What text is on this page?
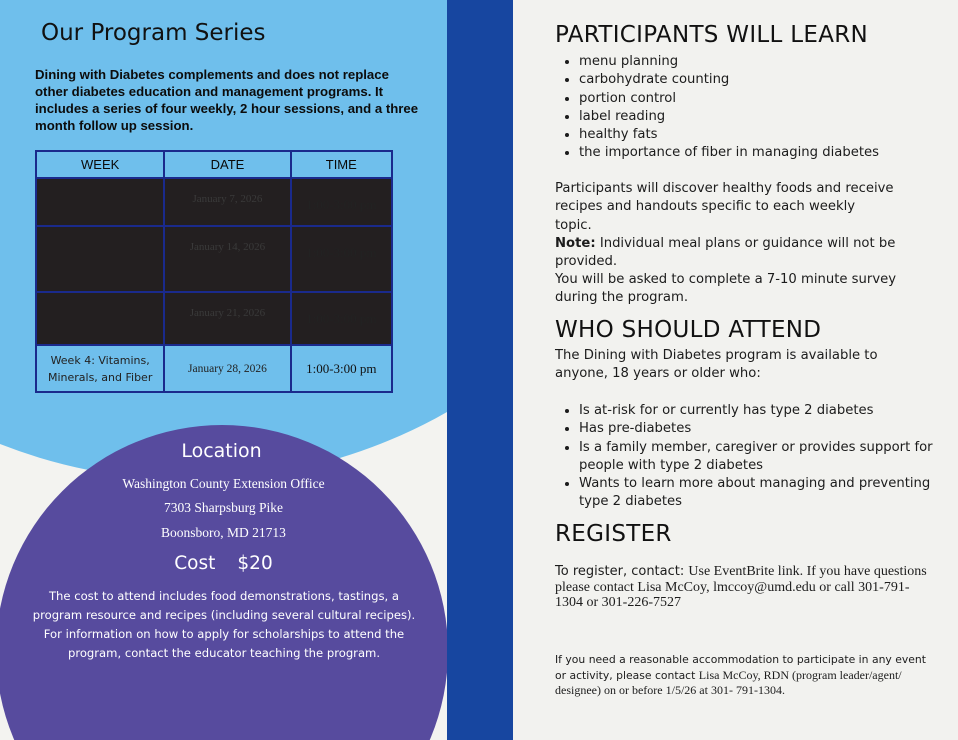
Our Program Series

Dining with Diabetes complements and does not replace other diabetes education and management programs. It includes a series of four weekly, 2 hour sessions, and a three month follow up session.

WEEK	DATE	TIME
	January 7, 2026	1:00-3:00 pm
	January 14, 2026	1:00-3:00 pm
	January 21, 2026	1:00-3:00 pm
Week 4: Vitamins, Minerals, and Fiber	January 28, 2026	1:00-3:00 pm
Location
Washington County Extension Office
7303 Sharpsburg Pike
Boonsboro, MD 21713
Cost $20

The cost to attend includes food demonstrations, tastings, a program resource and recipes (including several cultural recipes). For information on how to apply for scholarships to attend the program, contact the educator teaching the program.

PARTICIPANTS WILL LEARN
• menu planning
• carbohydrate counting
• portion control
• label reading
• healthy fats
• the importance of fiber in managing diabetes

Participants will discover healthy foods and receive recipes and handouts specific to each weekly topic.

Note: Individual meal plans or guidance will not be provided.

You will be asked to complete a 7-10 minute survey during the program.

WHO SHOULD ATTEND

The Dining with Diabetes program is available to anyone, 18 years or older who:

• Is at-risk for or currently has type 2 diabetes
• Has pre-diabetes
• Is a family member, caregiver or provides support for people with type 2 diabetes
• Wants to learn more about managing and preventing type 2 diabetes
REGISTER

To register, contact: Use EventBrite link. If you have questions please contact Lisa McCoy, lmccoy@umd.edu or call 301-791-1304 or 301-226-7527

If you need a reasonable accommodation to participate in any event or activity, please contact Lisa McCoy, RDN (program leader/agent/ designee) on or before 1/5/26 at 301- 791-1304.
